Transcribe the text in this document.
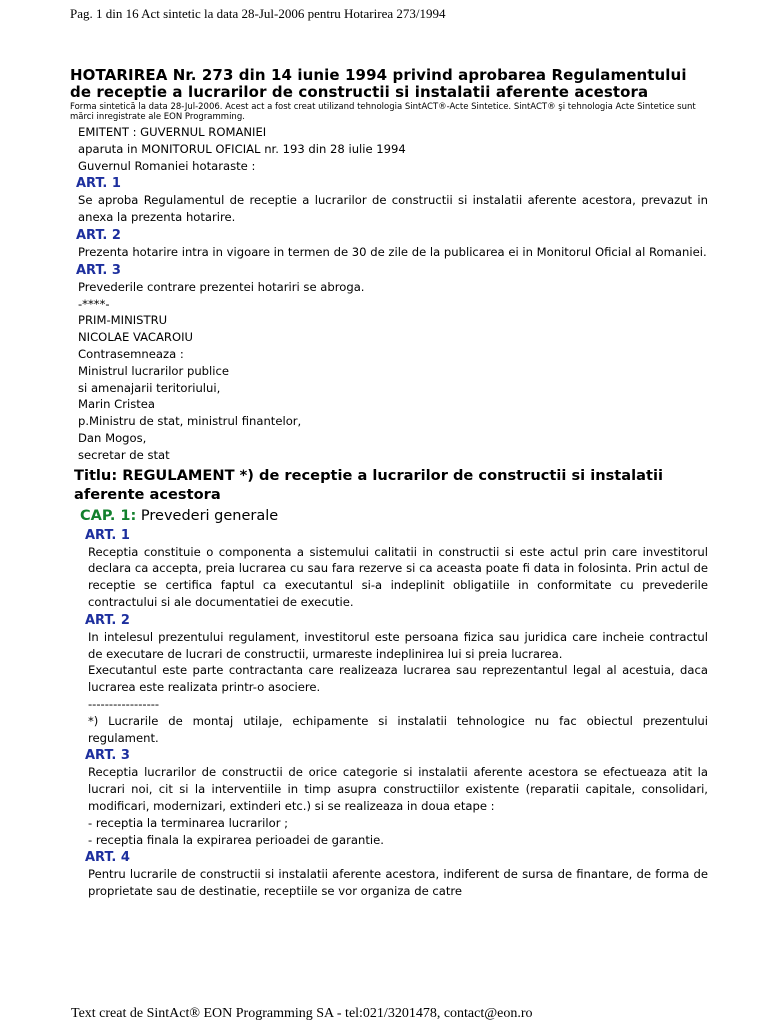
Pag. 1 din 16 Act sintetic la data 28-Jul-2006 pentru Hotarirea 273/1994
HOTARIREA Nr. 273 din 14 iunie 1994 privind aprobarea Regulamentului de receptie a lucrarilor de constructii si instalatii aferente acestora

Forma sintetică la data 28-Jul-2006. Acest act a fost creat utilizand tehnologia SintACT®-Acte Sintetice. SintACT® şi tehnologia Acte Sintetice sunt mărci inregistrate ale EON Programming.

EMITENT : GUVERNUL ROMANIEI

aparuta in MONITORUL OFICIAL nr. 193 din 28 iulie 1994

Guvernul Romaniei hotaraste :

ART. 1

Se aproba Regulamentul de receptie a lucrarilor de constructii si instalatii aferente acestora, prevazut in anexa la prezenta hotarire.

ART. 2

Prezenta hotarire intra in vigoare in termen de 30 de zile de la publicarea ei in Monitorul Oficial al Romaniei.

ART. 3

Prevederile contrare prezentei hotariri se abroga.

-****-

PRIM-MINISTRU

NICOLAE VACAROIU

Contrasemneaza :

Ministrul lucrarilor publice

si amenajarii teritoriului,

Marin Cristea

p.Ministru de stat, ministrul finantelor,

Dan Mogos,

secretar de stat

Titlu: REGULAMENT *) de receptie a lucrarilor de constructii si instalatii aferente acestora
CAP. 1: Prevederi generale
ART. 1

Receptia constituie o componenta a sistemului calitatii in constructii si este actul prin care investitorul declara ca accepta, preia lucrarea cu sau fara rezerve si ca aceasta poate fi data in folosinta. Prin actul de receptie se certifica faptul ca executantul si-a indeplinit obligatiile in conformitate cu prevederile contractului si ale documentatiei de executie.

ART. 2

In intelesul prezentului regulament, investitorul este persoana fizica sau juridica care incheie contractul de executare de lucrari de constructii, urmareste indeplinirea lui si preia lucrarea.

Executantul este parte contractanta care realizeaza lucrarea sau reprezentantul legal al acestuia, daca lucrarea este realizata printr-o asociere.

-----------------

*) Lucrarile de montaj utilaje, echipamente si instalatii tehnologice nu fac obiectul prezentului regulament.

ART. 3

Receptia lucrarilor de constructii de orice categorie si instalatii aferente acestora se efectueaza atit la lucrari noi, cit si la interventiile in timp asupra constructiilor existente (reparatii capitale, consolidari, modificari, modernizari, extinderi etc.) si se realizeaza in doua etape :

- receptia la terminarea lucrarilor ;

- receptia finala la expirarea perioadei de garantie.

ART. 4

Pentru lucrarile de constructii si instalatii aferente acestora, indiferent de sursa de finantare, de forma de proprietate sau de destinatie, receptiile se vor organiza de catre

Text creat de SintAct® EON Programming SA - tel:021/3201478, contact@eon.ro
